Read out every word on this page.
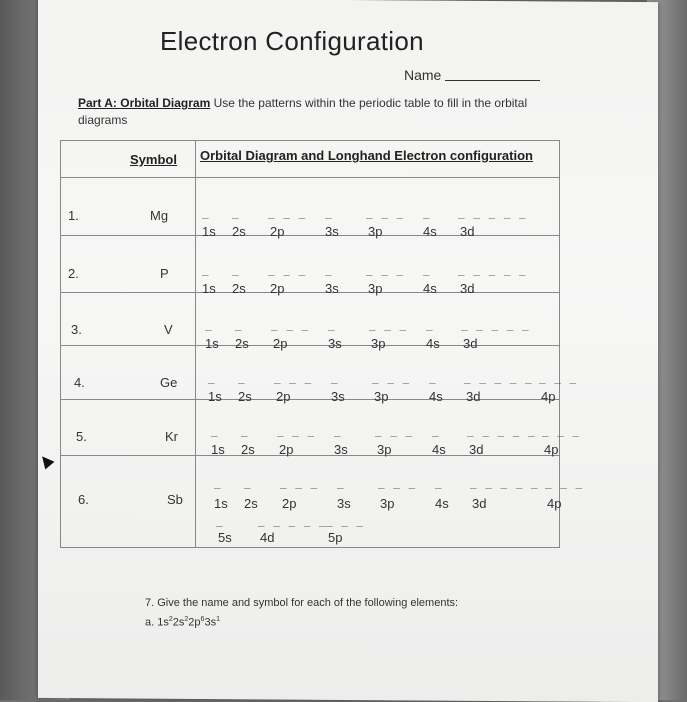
Electron Configuration
Name
Part A: Orbital Diagram Use the patterns within the periodic table to fill in the orbital diagrams
Symbol Orbital Diagram and Longhand Electron configuration
1.	Mg	_
1s
_
2s
_ _ _
2p
_
3s
_ _ _
3p
_
4s
_ _ _ _ _
3d
2.	P	_
1s
_
2s
_ _ _
2p
_
3s
_ _ _
3p
_
4s
_ _ _ _ _
3d
3.	V	_
1s
_
2s
_ _ _
2p
_
3s
_ _ _
3p
_
4s
_ _ _ _ _
3d
4.	Ge	_
1s
_
2s
_ _ _
2p
_
3s
_ _ _
3p
_
4s
_ _ _ _ _
3d
_ _ _
4p
5.	Kr	_
1s
_
2s
_ _ _
2p
_
3s
_ _ _
3p
_
4s
_ _ _ _ _
3d
_ _ _
4p
6.	Sb
_
1s
_
2s
_ _ _
2p
_
3s
_ _ _
3p
_
4s
_ _ _ _ _
3d
_ _ _
4p
_
5s
_ _ _ _ _
4d
_ _ _
5p
7. Give the name and symbol for each of the following elements:
a. $1s^22s^22p^63s^1$
